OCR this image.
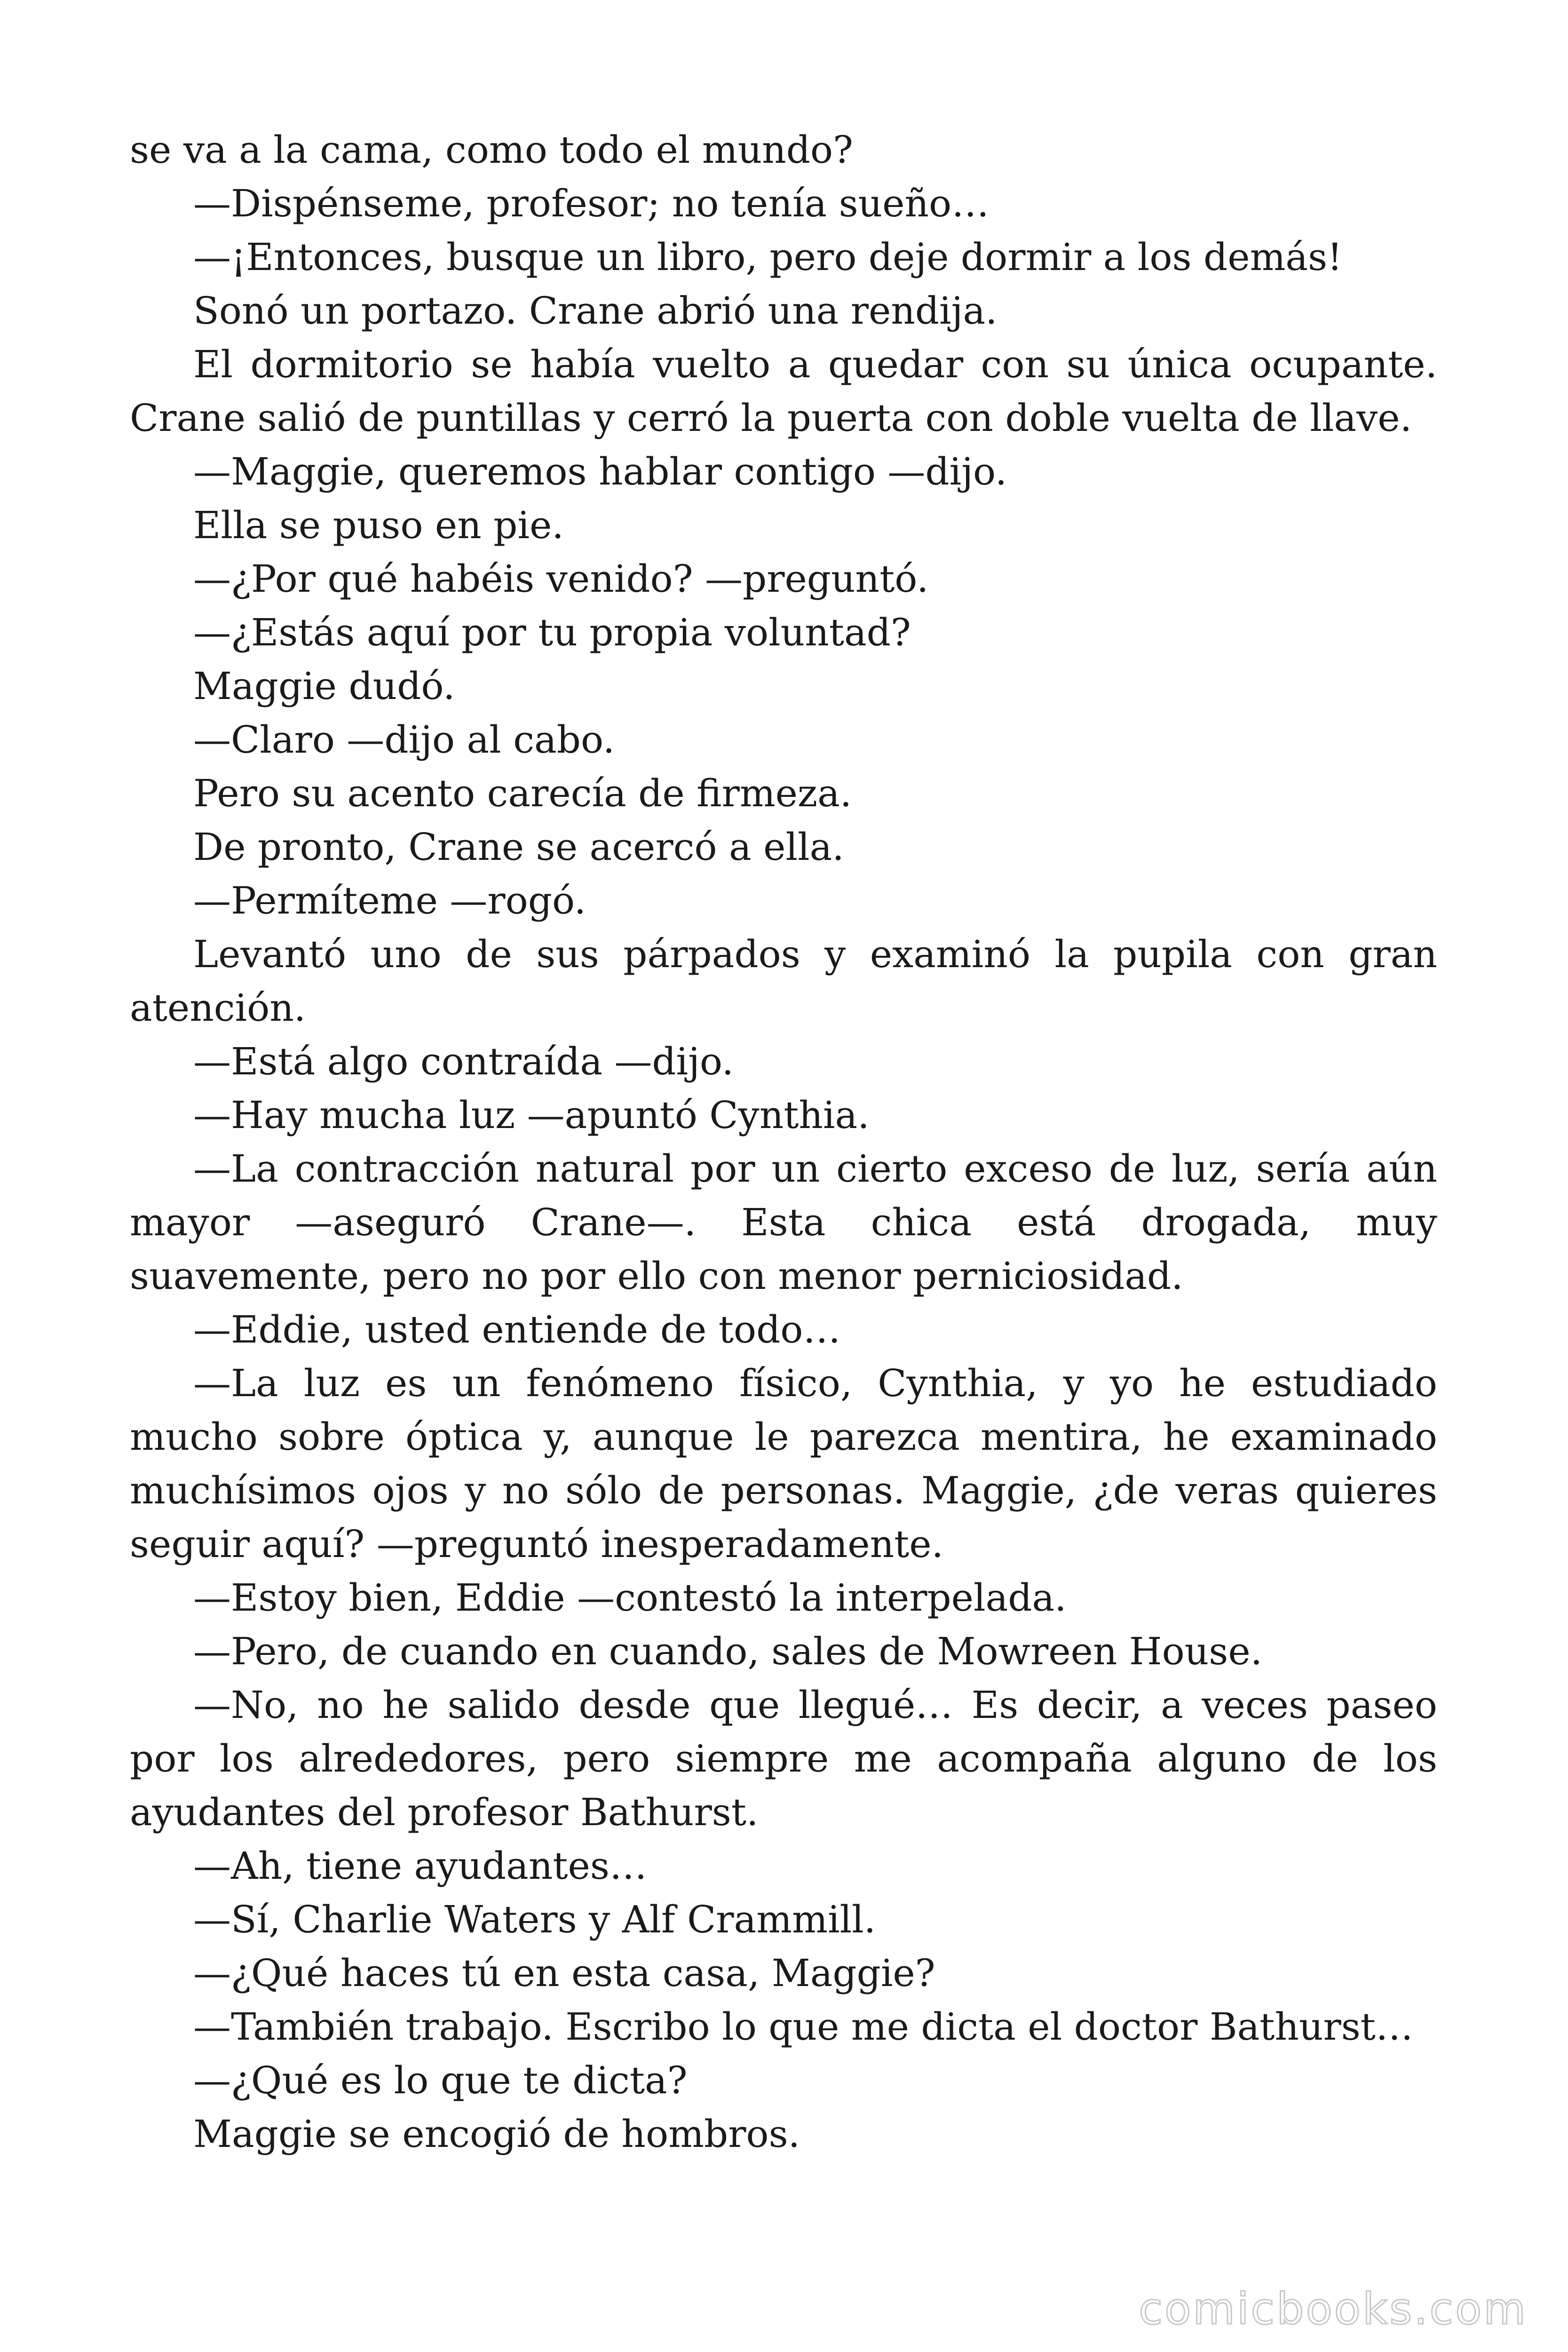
se va a la cama, como todo el mundo?

—Dispénseme, profesor; no tenía sueño…

—¡Entonces, busque un libro, pero deje dormir a los demás!

Sonó un portazo. Crane abrió una rendija.

El dormitorio se había vuelto a quedar con su única ocupante. Crane salió de puntillas y cerró la puerta con doble vuelta de llave.

—Maggie, queremos hablar contigo —dijo.

Ella se puso en pie.

—¿Por qué habéis venido? —preguntó.

—¿Estás aquí por tu propia voluntad?

Maggie dudó.

—Claro —dijo al cabo.

Pero su acento carecía de firmeza.

De pronto, Crane se acercó a ella.

—Permíteme —rogó.

Levantó uno de sus párpados y examinó la pupila con gran atención.

—Está algo contraída —dijo.

—Hay mucha luz —apuntó Cynthia.

—La contracción natural por un cierto exceso de luz, sería aún mayor —aseguró Crane—. Esta chica está drogada, muy suavemente, pero no por ello con menor perniciosidad.

—Eddie, usted entiende de todo…

—La luz es un fenómeno físico, Cynthia, y yo he estudiado mucho sobre óptica y, aunque le parezca mentira, he examinado muchísimos ojos y no sólo de personas. Maggie, ¿de veras quieres seguir aquí? —preguntó inesperadamente.

—Estoy bien, Eddie —contestó la interpelada.

—Pero, de cuando en cuando, sales de Mowreen House.

—No, no he salido desde que llegué… Es decir, a veces paseo por los alrededores, pero siempre me acompaña alguno de los ayudantes del profesor Bathurst.

—Ah, tiene ayudantes…

—Sí, Charlie Waters y Alf Crammill.

—¿Qué haces tú en esta casa, Maggie?

—También trabajo. Escribo lo que me dicta el doctor Bathurst…

—¿Qué es lo que te dicta?

Maggie se encogió de hombros.

comicbooks.com
